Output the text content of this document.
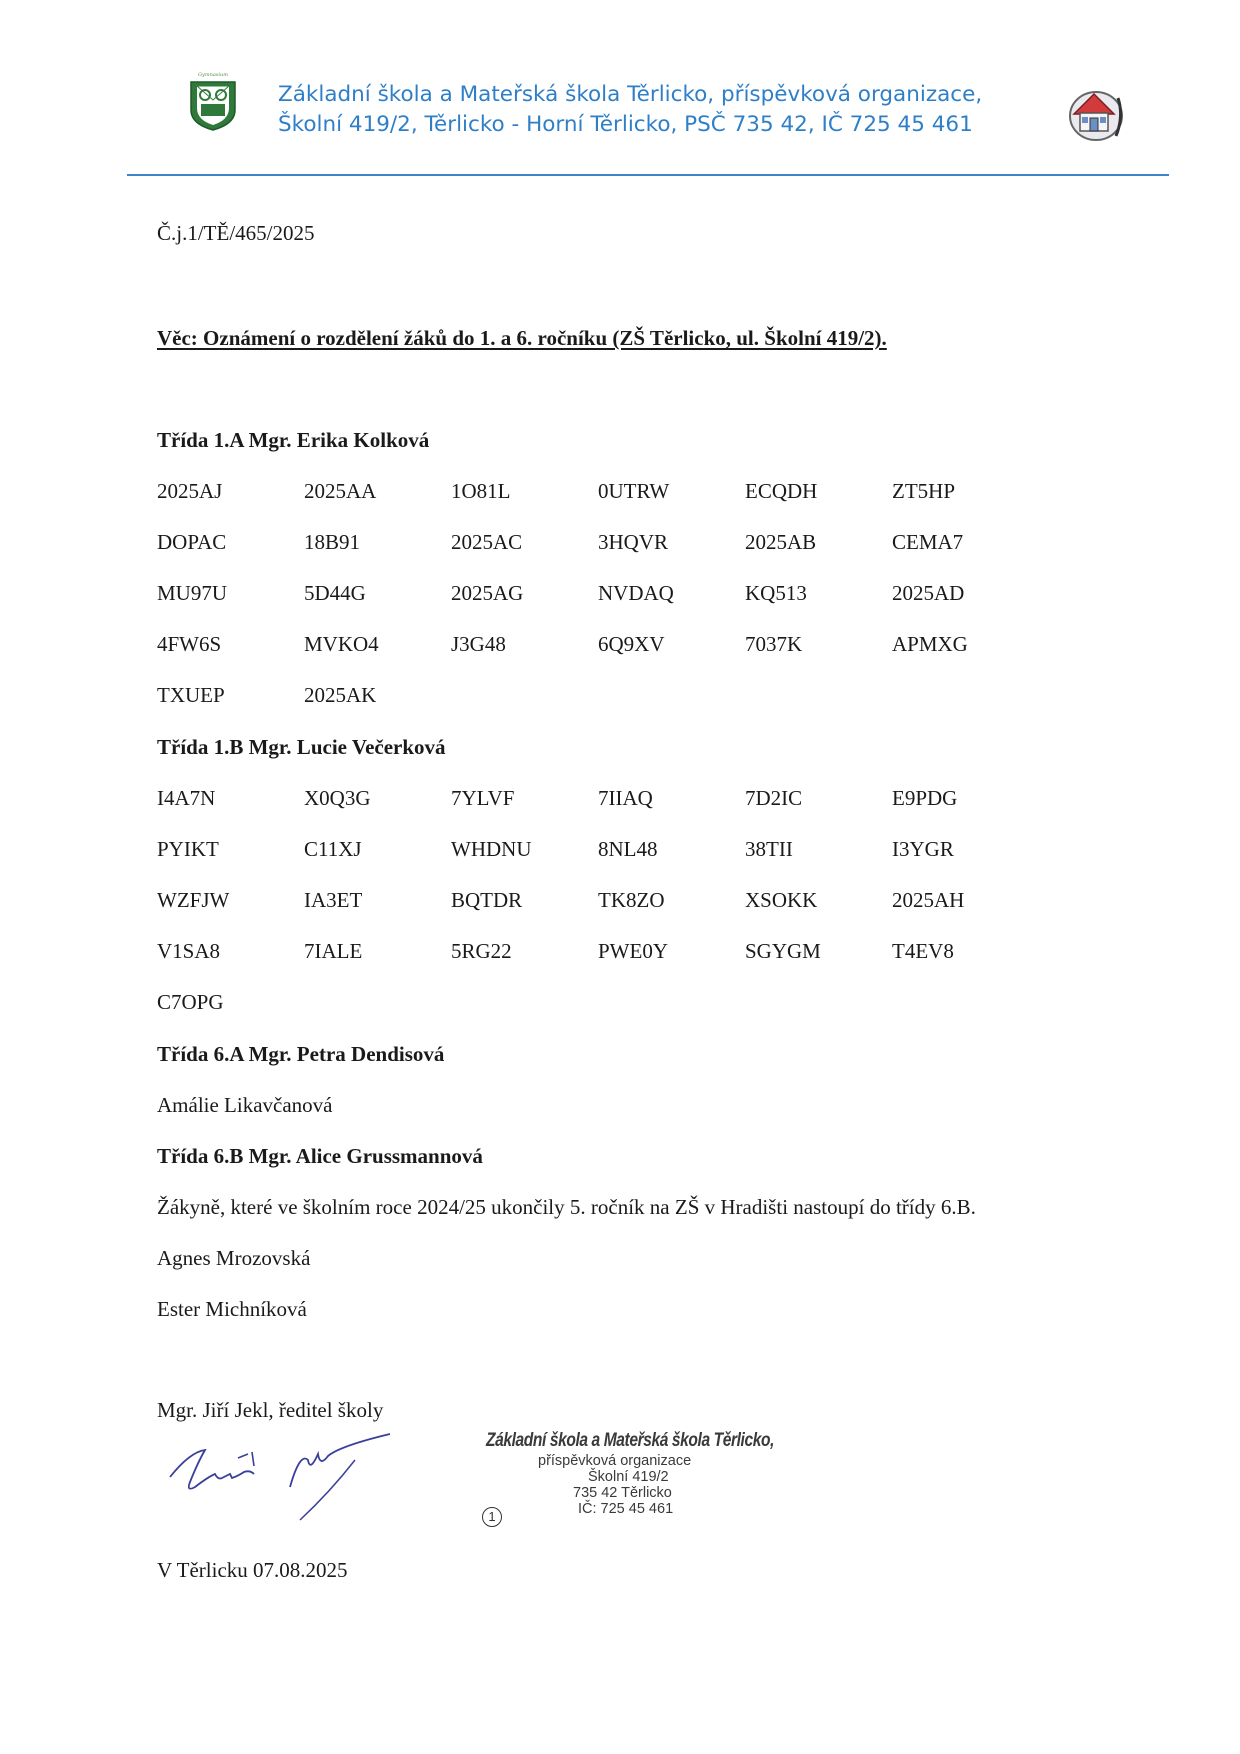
Gymnasium
Základní škola a Mateřská škola Těrlicko, příspěvková organizace,
Školní 419/2, Těrlicko - Horní Těrlicko, PSČ 735 42, IČ 725 45 461
Č.j.1/TĚ/465/2025
Věc: Oznámení o rozdělení žáků do 1. a 6. ročníku (ZŠ Těrlicko, ul. Školní 419/2).
Třída 1.A Mgr. Erika Kolková
2025AJ	2025AA	1O81L	0UTRW	ECQDH	ZT5HP
DOPAC	18B91	2025AC	3HQVR	2025AB	CEMA7
MU97U	5D44G	2025AG	NVDAQ	KQ513	2025AD
4FW6S	MVKO4	J3G48	6Q9XV	7037K	APMXG
TXUEP	2025AK
Třída 1.B Mgr. Lucie Večerková
I4A7N	X0Q3G	7YLVF	7IIAQ	7D2IC	E9PDG
PYIKT	C11XJ	WHDNU	8NL48	38TII	I3YGR
WZFJW	IA3ET	BQTDR	TK8ZO	XSOKK	2025AH
V1SA8	7IALE	5RG22	PWE0Y	SGYGM	T4EV8
C7OPG
Třída 6.A Mgr. Petra Dendisová
Amálie Likavčanová
Třída 6.B Mgr. Alice Grussmannová
Žákyně, které ve školním roce 2024/25 ukončily 5. ročník na ZŠ v Hradišti nastoupí do třídy 6.B.
Agnes Mrozovská
Ester Michníková
Mgr. Jiří Jekl, ředitel školy
Základní škola a Mateřská škola Těrlicko,
příspěvková organizace
Školní 419/2
735 42 Těrlicko
IČ: 725 45 461
1
V Těrlicku 07.08.2025
